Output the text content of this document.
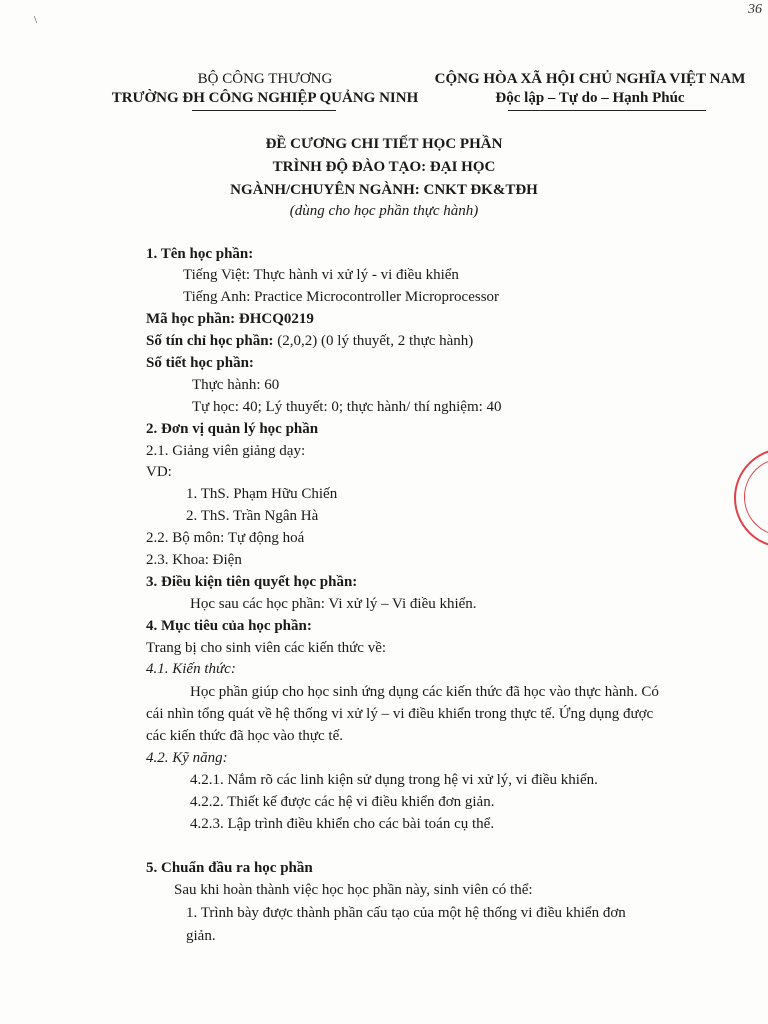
36
\
BỘ CÔNG THƯƠNG
TRƯỜNG ĐH CÔNG NGHIỆP QUẢNG NINH
CỘNG HÒA XÃ HỘI CHỦ NGHĨA VIỆT NAM
Độc lập – Tự do – Hạnh Phúc
ĐỀ CƯƠNG CHI TIẾT HỌC PHẦN
TRÌNH ĐỘ ĐÀO TẠO: ĐẠI HỌC
NGÀNH/CHUYÊN NGÀNH: CNKT ĐK&TĐH
(dùng cho học phần thực hành)
1. Tên học phần:
Tiếng Việt: Thực hành vi xử lý - vi điều khiển
Tiếng Anh: Practice Microcontroller Microprocessor
Mã học phần: ĐHCQ0219
Số tín chỉ học phần: (2,0,2) (0 lý thuyết, 2 thực hành)
Số tiết học phần:
Thực hành: 60
Tự học: 40; Lý thuyết: 0; thực hành/ thí nghiệm: 40
2. Đơn vị quản lý học phần
2.1. Giảng viên giảng dạy:
VD:
1. ThS. Phạm Hữu Chiến
2. ThS. Trần Ngân Hà
2.2. Bộ môn: Tự động hoá
2.3. Khoa: Điện
3. Điều kiện tiên quyết học phần:
Học sau các học phần: Vi xử lý – Vi điều khiển.
4. Mục tiêu của học phần:
Trang bị cho sinh viên các kiến thức về:
4.1. Kiến thức:
Học phần giúp cho học sinh ứng dụng các kiến thức đã học vào thực hành. Có
cái nhìn tổng quát về hệ thống vi xử lý – vi điều khiển trong thực tế. Ứng dụng được
các kiến thức đã học vào thực tế.
4.2. Kỹ năng:
4.2.1. Nắm rõ các linh kiện sử dụng trong hệ vi xử lý, vi điều khiển.
4.2.2. Thiết kế được các hệ vi điều khiển đơn giản.
4.2.3. Lập trình điều khiển cho các bài toán cụ thể.
5. Chuẩn đầu ra học phần
Sau khi hoàn thành việc học học phần này, sinh viên có thể:
1. Trình bày được thành phần cấu tạo của một hệ thống vi điều khiển đơn
giản.
